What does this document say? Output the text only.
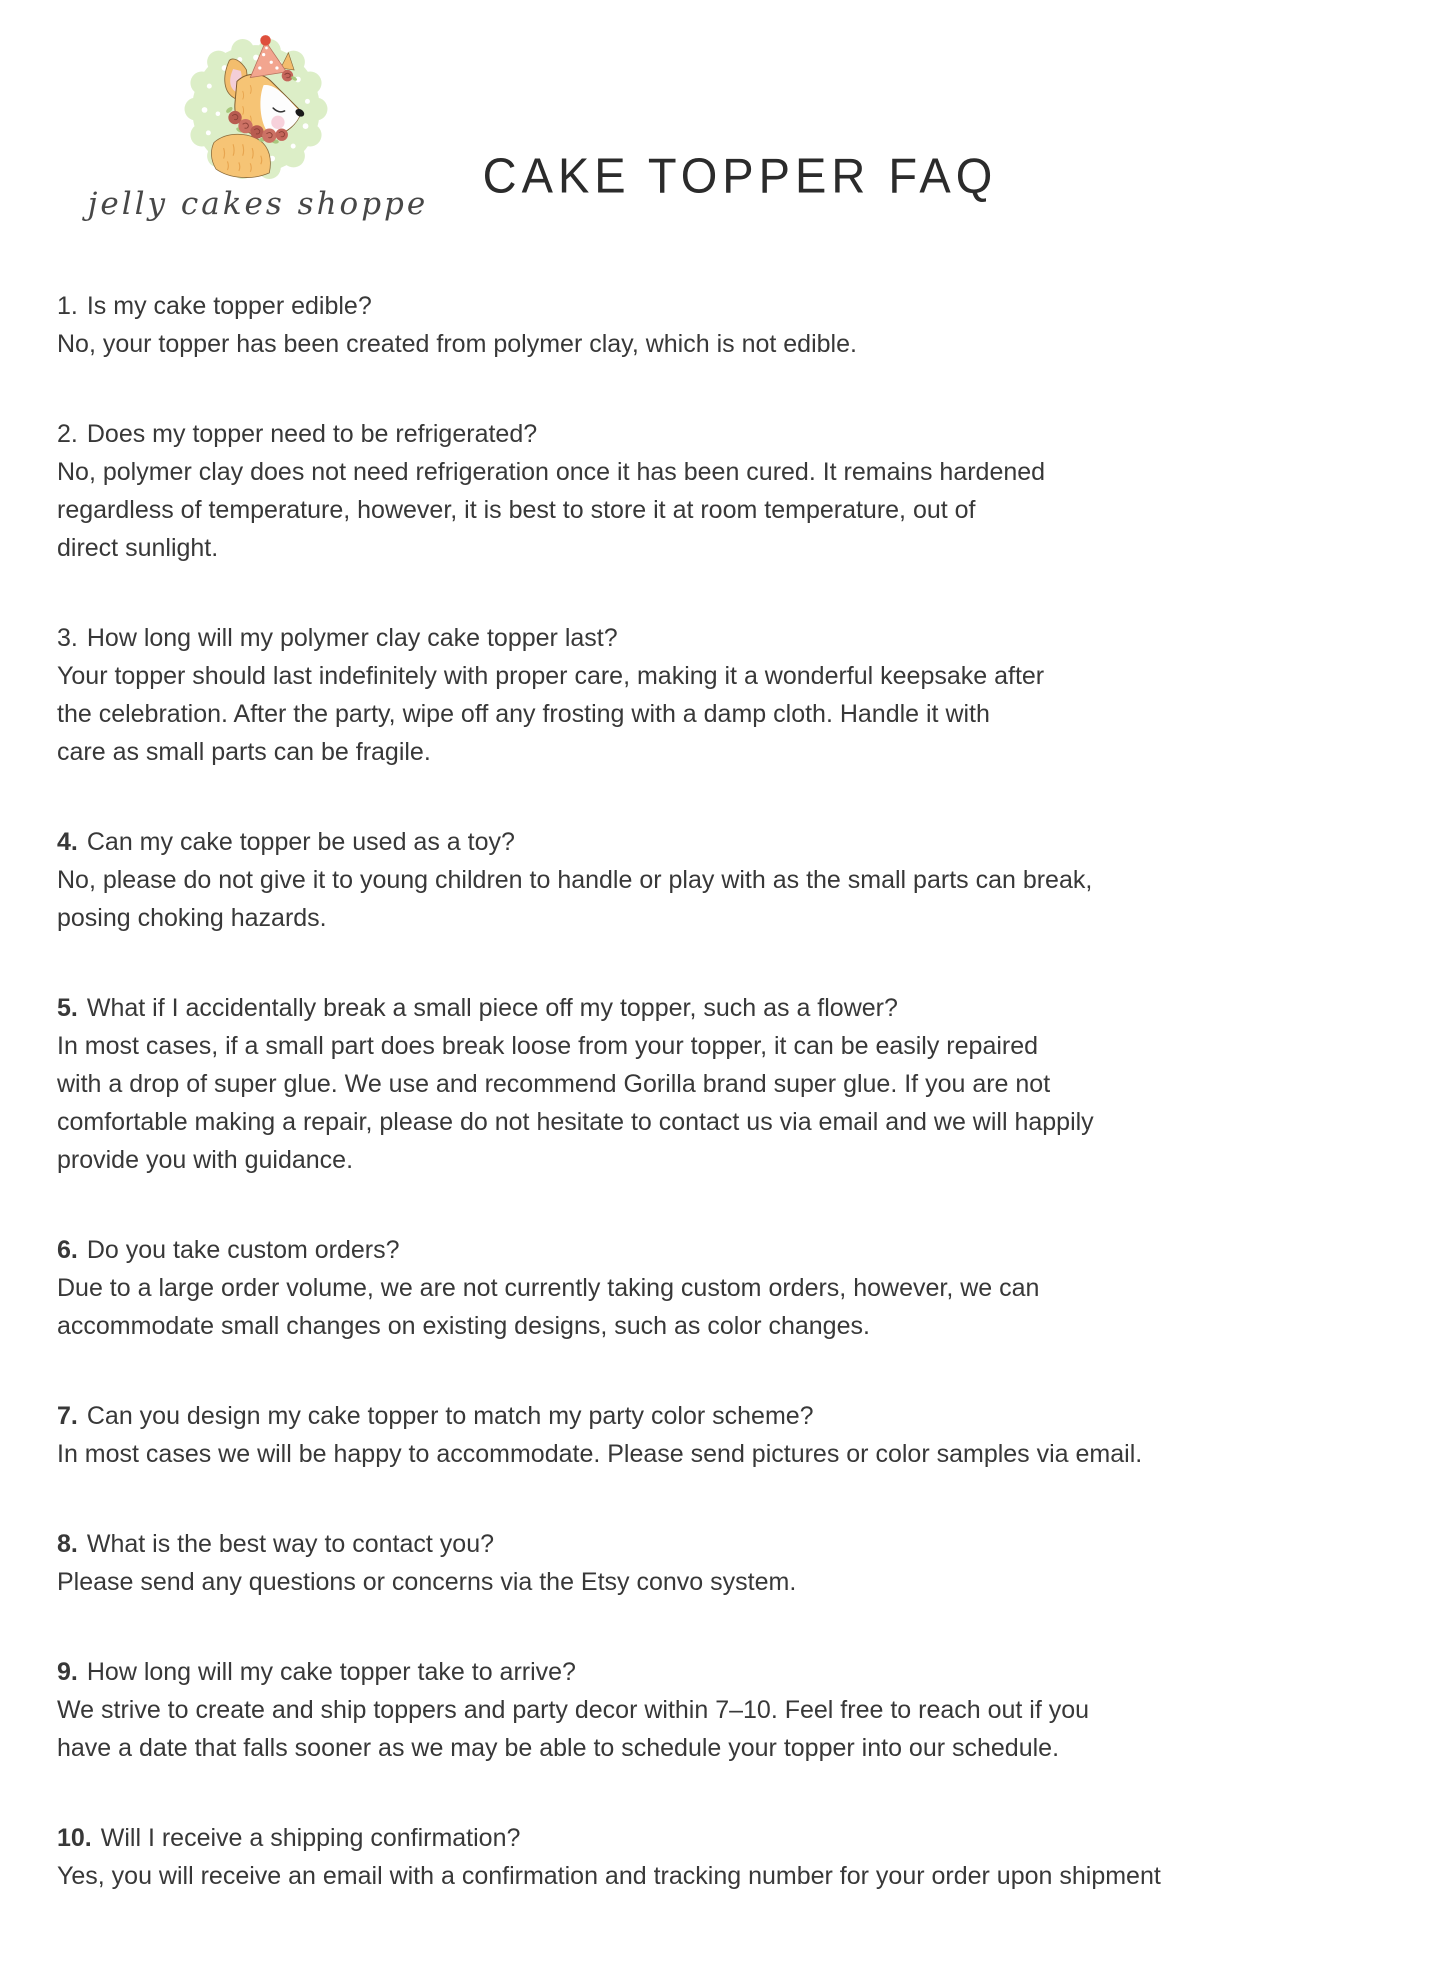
jelly cakes shoppe
CAKE TOPPER FAQ
1. Is my cake topper edible?
No, your topper has been created from polymer clay, which is not edible.
2. Does my topper need to be refrigerated?
No, polymer clay does not need refrigeration once it has been cured. It remains hardened
regardless of temperature, however, it is best to store it at room temperature, out of
direct sunlight.
3. How long will my polymer clay cake topper last?
Your topper should last indefinitely with proper care, making it a wonderful keepsake after
the celebration. After the party, wipe off any frosting with a damp cloth. Handle it with
care as small parts can be fragile.
4. Can my cake topper be used as a toy?
No, please do not give it to young children to handle or play with as the small parts can break,
posing choking hazards.
5. What if I accidentally break a small piece off my topper, such as a flower?
In most cases, if a small part does break loose from your topper, it can be easily repaired
with a drop of super glue. We use and recommend Gorilla brand super glue. If you are not
comfortable making a repair, please do not hesitate to contact us via email and we will happily
provide you with guidance.
6. Do you take custom orders?
Due to a large order volume, we are not currently taking custom orders, however, we can
accommodate small changes on existing designs, such as color changes.
7. Can you design my cake topper to match my party color scheme?
In most cases we will be happy to accommodate. Please send pictures or color samples via email.
8. What is the best way to contact you?
Please send any questions or concerns via the Etsy convo system.
9. How long will my cake topper take to arrive?
We strive to create and ship toppers and party decor within 7–10. Feel free to reach out if you
have a date that falls sooner as we may be able to schedule your topper into our schedule.
10. Will I receive a shipping confirmation?
Yes, you will receive an email with a confirmation and tracking number for your order upon shipment
